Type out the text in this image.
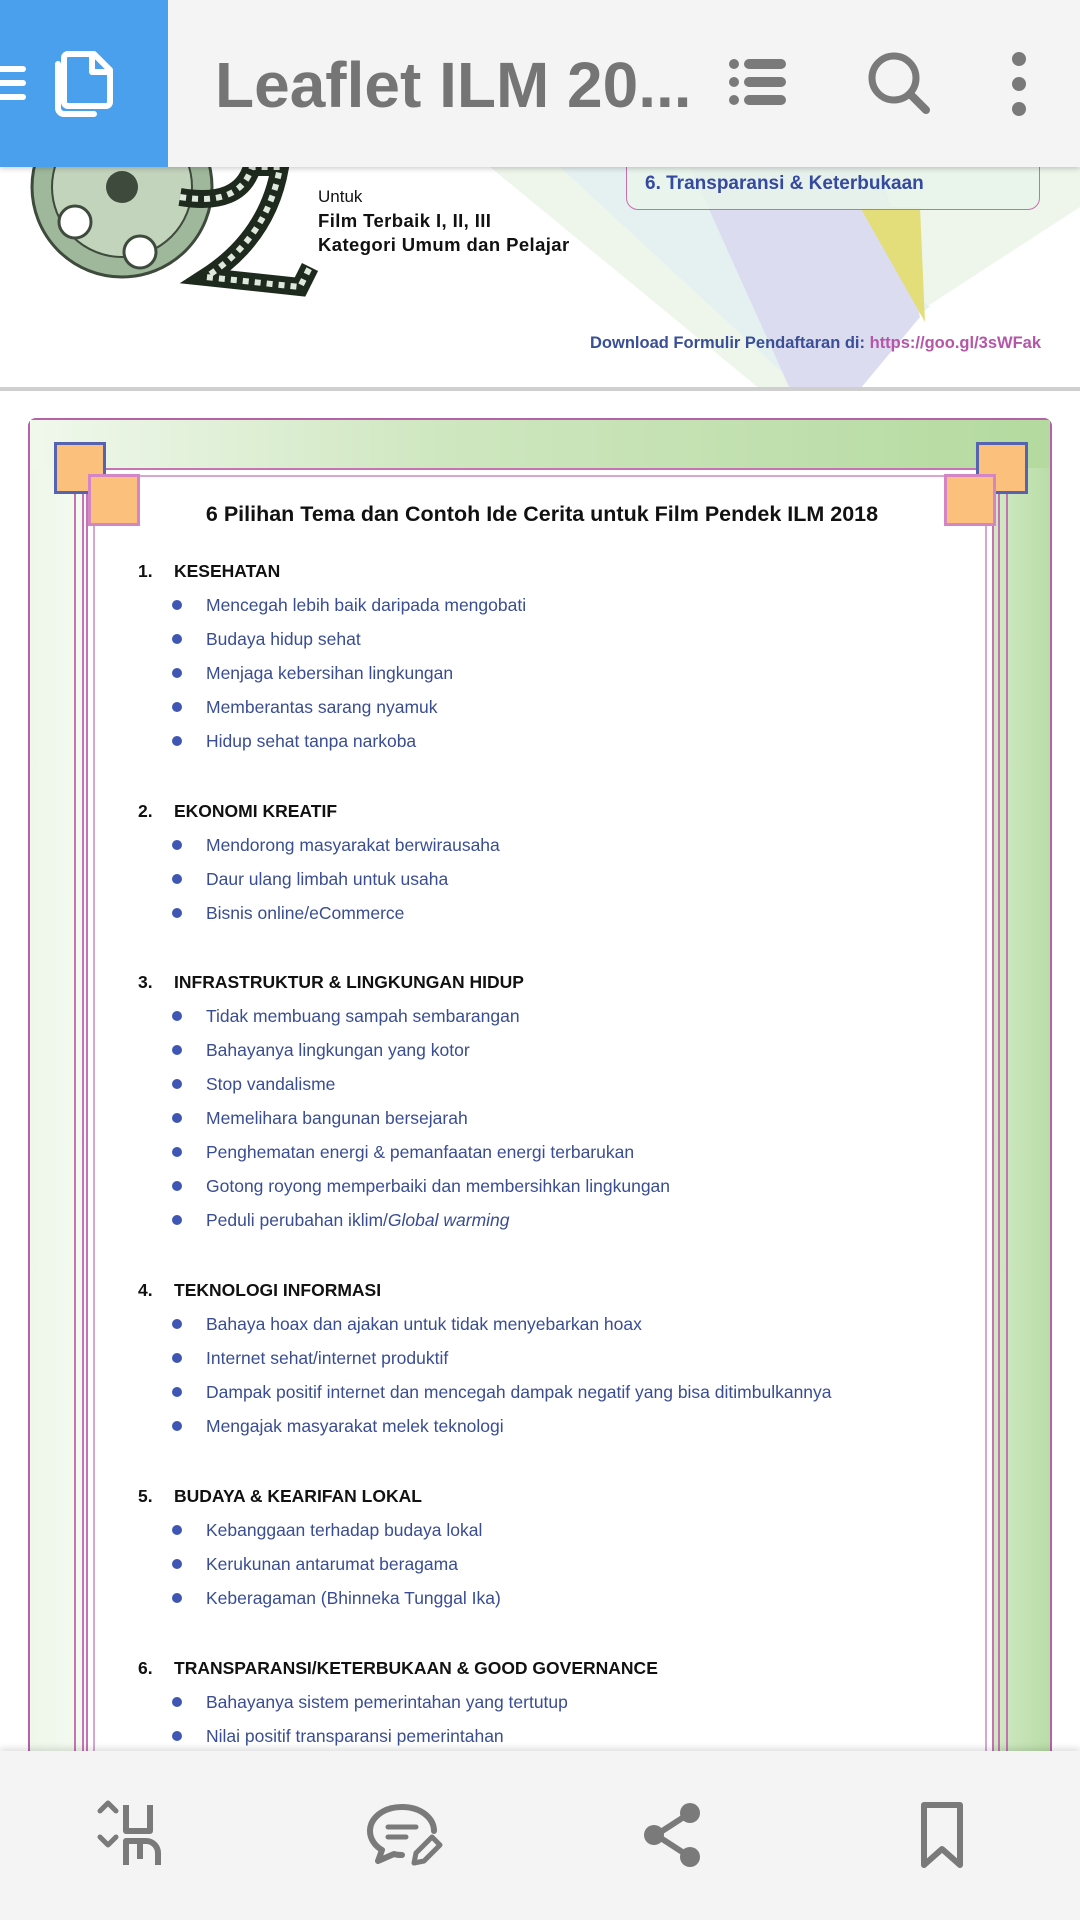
Leaflet ILM 20...
Untuk
Film Terbaik I, II, III
Kategori Umum dan Pelajar
6. Transparansi & Keterbukaan
Download Formulir Pendaftaran di: https://goo.gl/3sWFak
6 Pilihan Tema dan Contoh Ide Cerita untuk Film Pendek ILM 2018
1. KESEHATAN
Mencegah lebih baik daripada mengobati
Budaya hidup sehat
Menjaga kebersihan lingkungan
Memberantas sarang nyamuk
Hidup sehat tanpa narkoba
2. EKONOMI KREATIF
Mendorong masyarakat berwirausaha
Daur ulang limbah untuk usaha
Bisnis online/eCommerce
3. INFRASTRUKTUR & LINGKUNGAN HIDUP
Tidak membuang sampah sembarangan
Bahayanya lingkungan yang kotor
Stop vandalisme
Memelihara bangunan bersejarah
Penghematan energi & pemanfaatan energi terbarukan
Gotong royong memperbaiki dan membersihkan lingkungan
Peduli perubahan iklim/Global warming
4. TEKNOLOGI INFORMASI
Bahaya hoax dan ajakan untuk tidak menyebarkan hoax
Internet sehat/internet produktif
Dampak positif internet dan mencegah dampak negatif yang bisa ditimbulkannya
Mengajak masyarakat melek teknologi
5. BUDAYA & KEARIFAN LOKAL
Kebanggaan terhadap budaya lokal
Kerukunan antarumat beragama
Keberagaman (Bhinneka Tunggal Ika)
6. TRANSPARANSI/KETERBUKAAN & GOOD GOVERNANCE
Bahayanya sistem pemerintahan yang tertutup
Nilai positif transparansi pemerintahan
